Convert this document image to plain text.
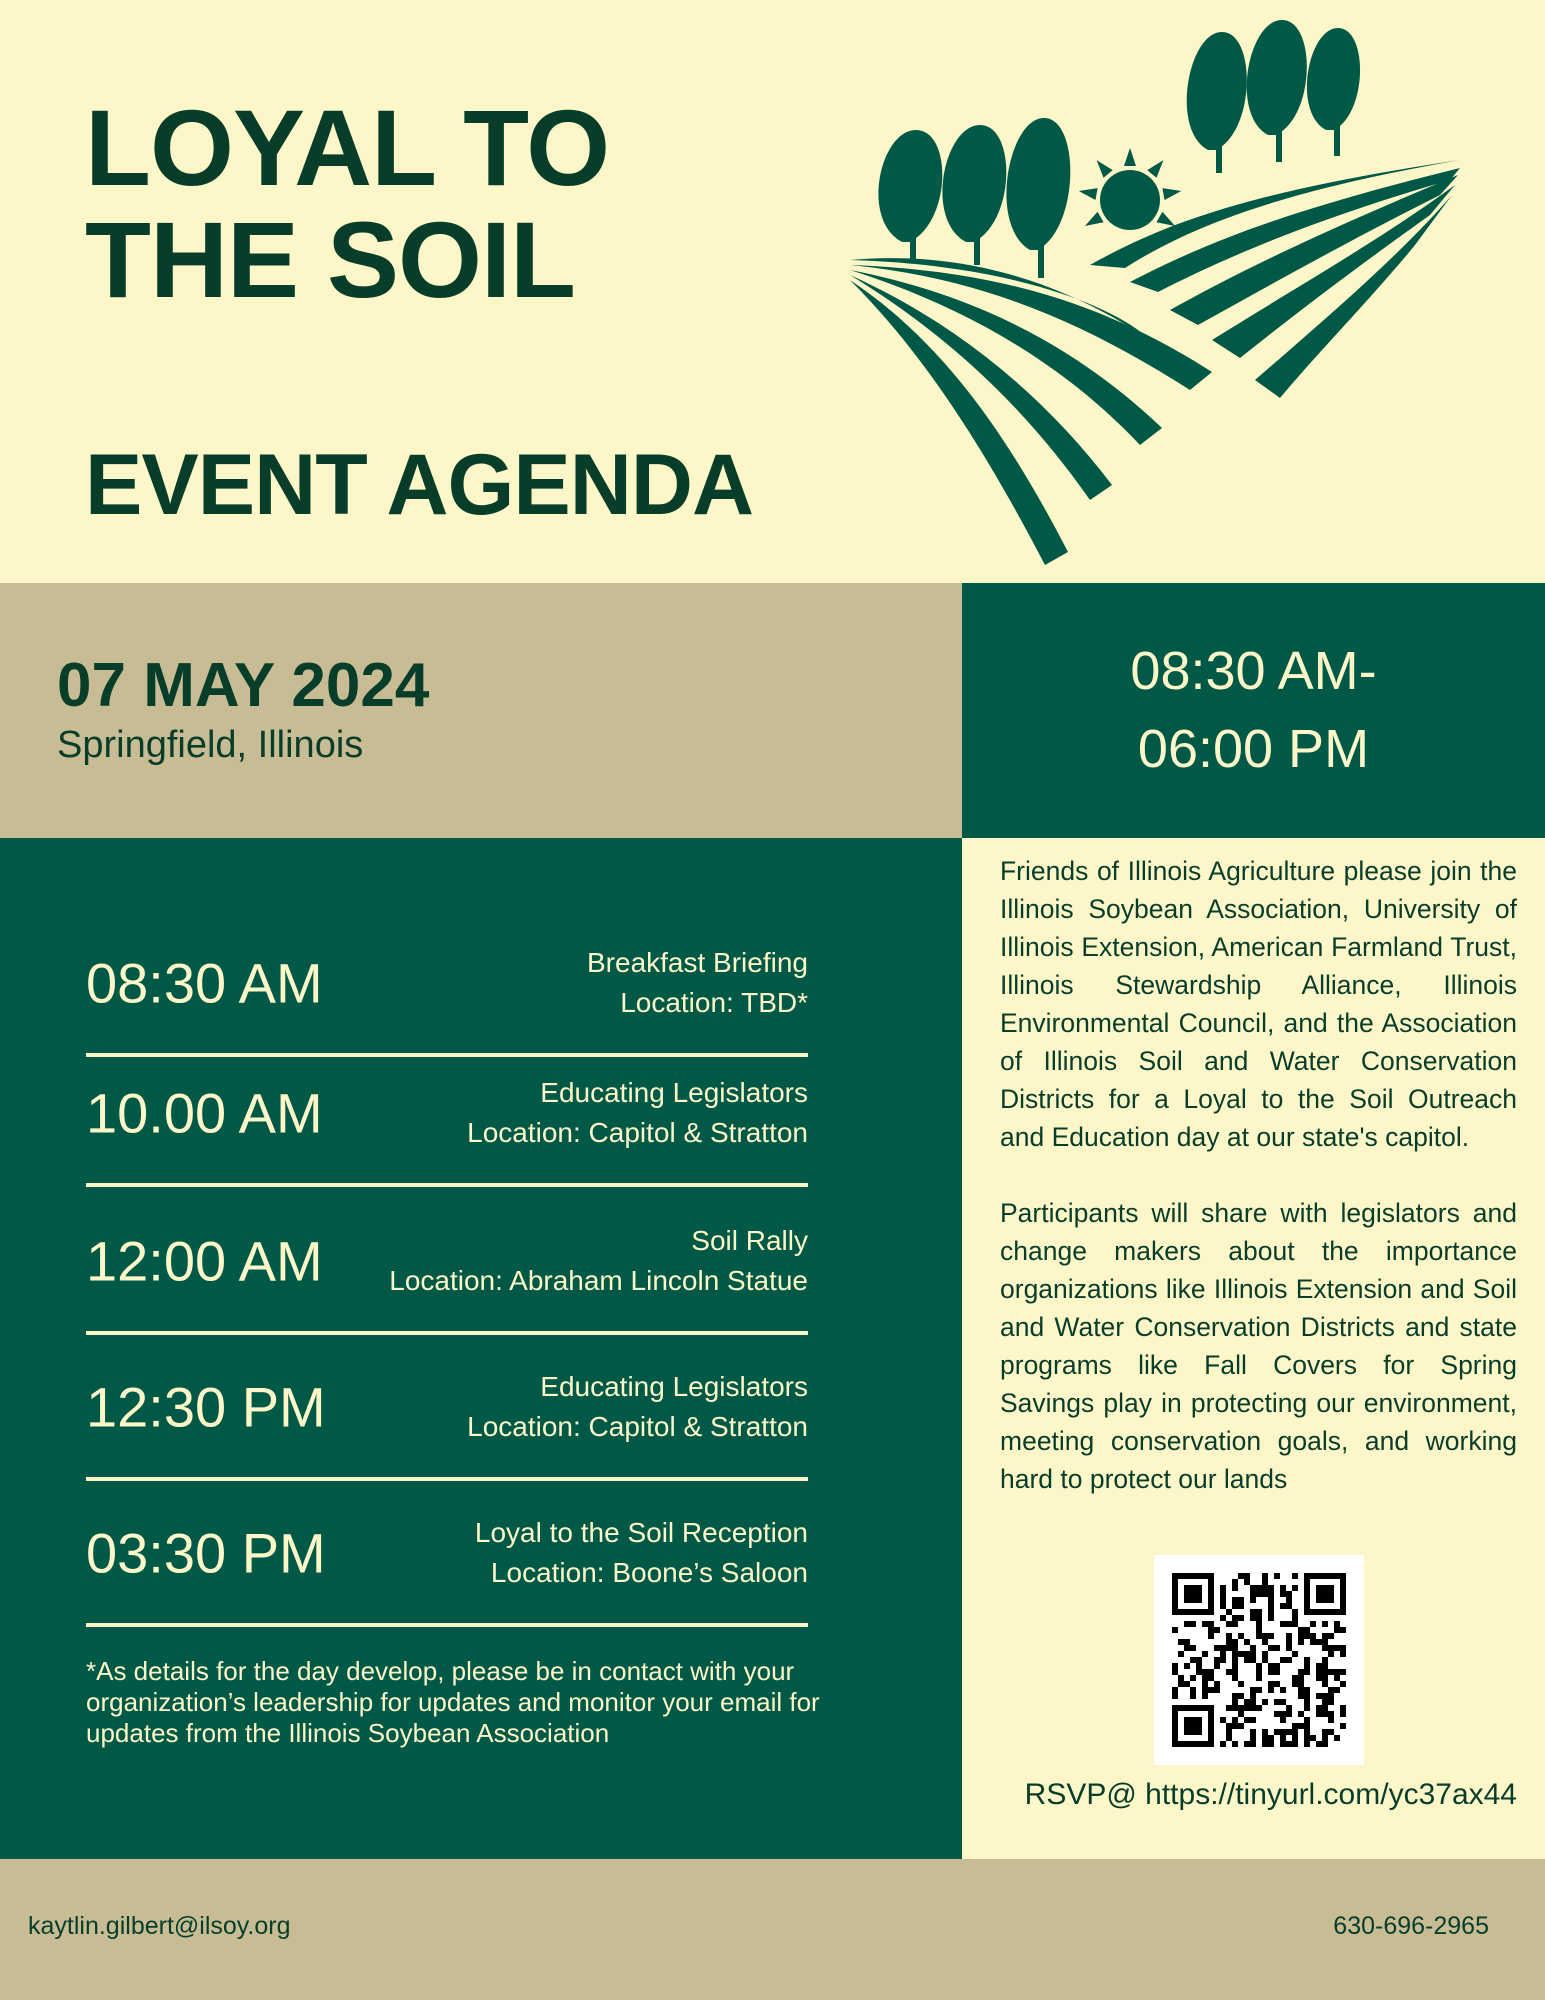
LOYAL TO
THE SOIL
EVENT AGENDA
07 MAY 2024
Springfield, Illinois
08:30 AM-
06:00 PM
08:30 AM	Breakfast Briefing
Location: TBD*
10.00 AM	Educating Legislators
Location: Capitol & Stratton
12:00 AM	Soil Rally
Location: Abraham Lincoln Statue
12:30 PM	Educating Legislators
Location: Capitol & Stratton
03:30 PM	Loyal to the Soil Reception
Location: Boone’s Saloon
*As details for the day develop, please be in contact with your organization’s leadership for updates and monitor your email for updates from the Illinois Soybean Association

Friends of Illinois Agriculture please join the Illinois Soybean Association, University of Illinois Extension, American Farmland Trust, Illinois Stewardship Alliance, Illinois Environmental Council, and the Association of Illinois Soil and Water Conservation Districts for a Loyal to the Soil Outreach and Education day at our state's capitol.

Participants will share with legislators and change makers about the importance organizations like Illinois Extension and Soil and Water Conservation Districts and state programs like Fall Covers for Spring Savings play in protecting our environment, meeting conservation goals, and working hard to protect our lands

RSVP@ https://tinyurl.com/yc37ax44
kaytlin.gilbert@ilsoy.org	630-696-2965
